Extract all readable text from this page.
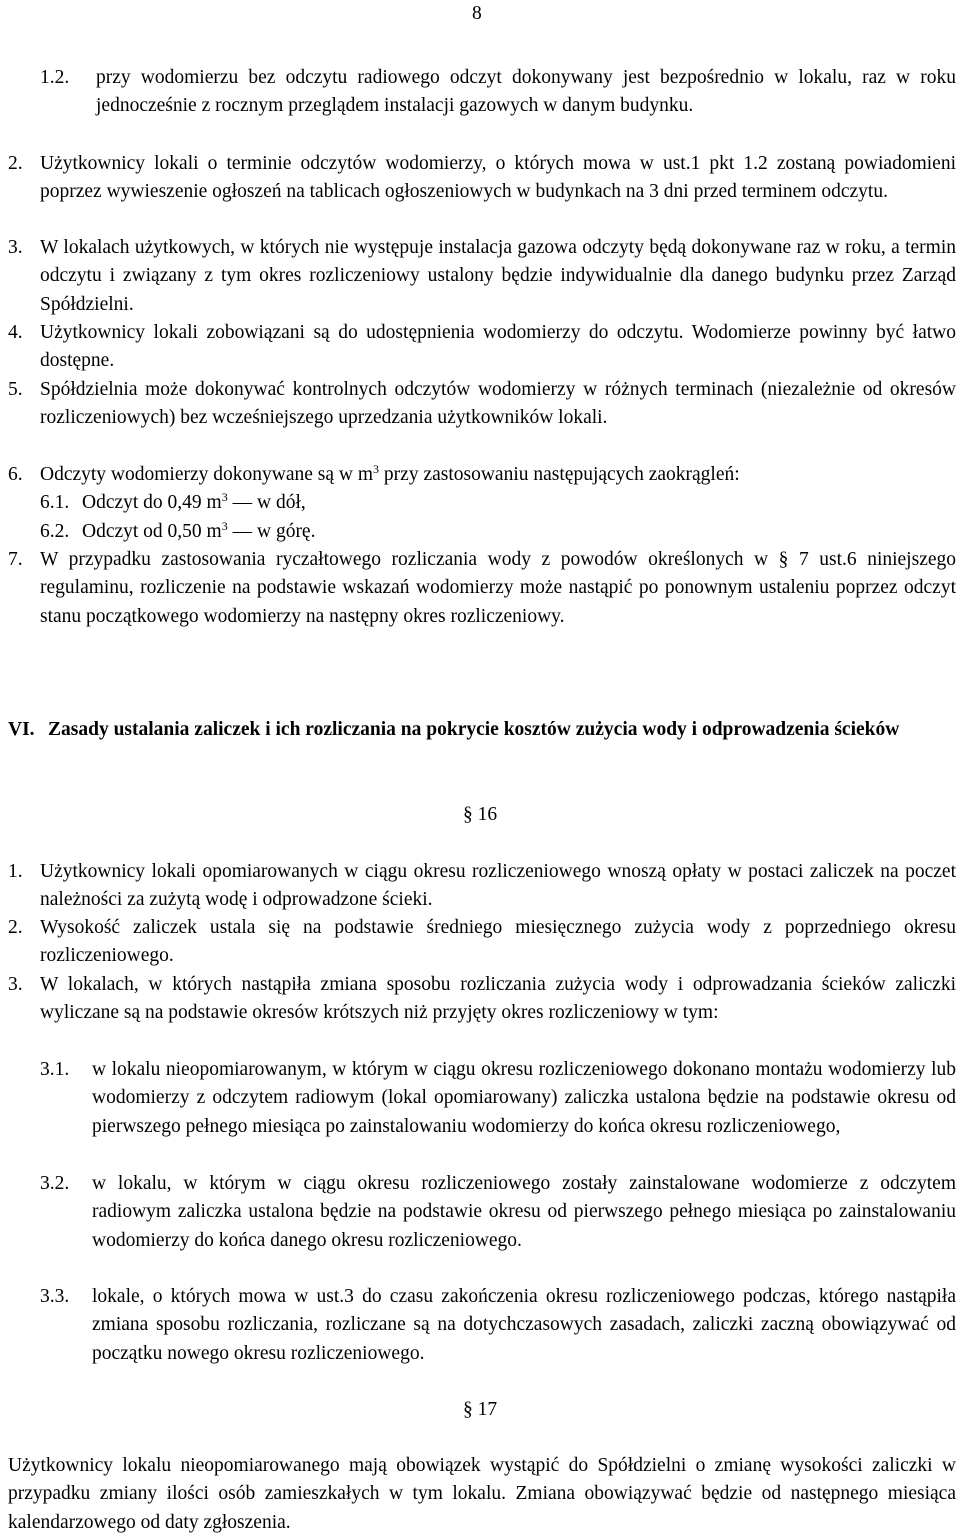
8
1.2.	przy wodomierzu bez odczytu radiowego odczyt dokonywany jest bezpośrednio w lokalu, raz w roku jednocześnie z rocznym przeglądem instalacji gazowych w danym budynku.
2. Użytkownicy lokali o terminie odczytów wodomierzy, o których mowa w ust.1 pkt 1.2 zostaną powiadomieni poprzez wywieszenie ogłoszeń na tablicach ogłoszeniowych w budynkach na 3 dni przed terminem odczytu.
3. W lokalach użytkowych, w których nie występuje instalacja gazowa odczyty będą dokonywane raz w roku, a termin odczytu i związany z tym okres rozliczeniowy ustalony będzie indywidualnie dla danego budynku przez Zarząd Spółdzielni.
4. Użytkownicy lokali zobowiązani są do udostępnienia wodomierzy do odczytu. Wodomierze powinny być łatwo dostępne.
5. Spółdzielnia może dokonywać kontrolnych odczytów wodomierzy w różnych terminach (niezależnie od okresów rozliczeniowych) bez wcześniejszego uprzedzania użytkowników lokali.
6. Odczyty wodomierzy dokonywane są w $m^3$ przy zastosowaniu następujących zaokrągleń:
6.1. Odczyt do 0,49 $m^3$ — w dół,
6.2. Odczyt od 0,50 $m^3$ — w górę.
7. W przypadku zastosowania ryczałtowego rozliczania wody z powodów określonych w § 7 ust.6 niniejszego regulaminu, rozliczenie na podstawie wskazań wodomierzy może nastąpić po ponownym ustaleniu poprzez odczyt stanu początkowego wodomierzy na następny okres rozliczeniowy.
VI. Zasady ustalania zaliczek i ich rozliczania na pokrycie kosztów zużycia wody i odprowadzenia ścieków
§ 16
1. Użytkownicy lokali opomiarowanych w ciągu okresu rozliczeniowego wnoszą opłaty w postaci zaliczek na poczet należności za zużytą wodę i odprowadzone ścieki.
2. Wysokość zaliczek ustala się na podstawie średniego miesięcznego zużycia wody z poprzedniego okresu rozliczeniowego.
3. W lokalach, w których nastąpiła zmiana sposobu rozliczania zużycia wody i odprowadzania ścieków zaliczki wyliczane są na podstawie okresów krótszych niż przyjęty okres rozliczeniowy w tym:
3.1.	w lokalu nieopomiarowanym, w którym w ciągu okresu rozliczeniowego dokonano montażu wodomierzy lub wodomierzy z odczytem radiowym (lokal opomiarowany) zaliczka ustalona będzie na podstawie okresu od pierwszego pełnego miesiąca po zainstalowaniu wodomierzy do końca okresu rozliczeniowego,
3.2.	w lokalu, w którym w ciągu okresu rozliczeniowego zostały zainstalowane wodomierze z odczytem radiowym zaliczka ustalona będzie na podstawie okresu od pierwszego pełnego miesiąca po zainstalowaniu wodomierzy do końca danego okresu rozliczeniowego.
3.3.	lokale, o których mowa w ust.3 do czasu zakończenia okresu rozliczeniowego podczas, którego nastąpiła zmiana sposobu rozliczania, rozliczane są na dotychczasowych zasadach, zaliczki zaczną obowiązywać od początku nowego okresu rozliczeniowego.
§ 17
Użytkownicy lokalu nieopomiarowanego mają obowiązek wystąpić do Spółdzielni o zmianę wysokości zaliczki w przypadku zmiany ilości osób zamieszkałych w tym lokalu. Zmiana obowiązywać będzie od następnego miesiąca kalendarzowego od daty zgłoszenia.
